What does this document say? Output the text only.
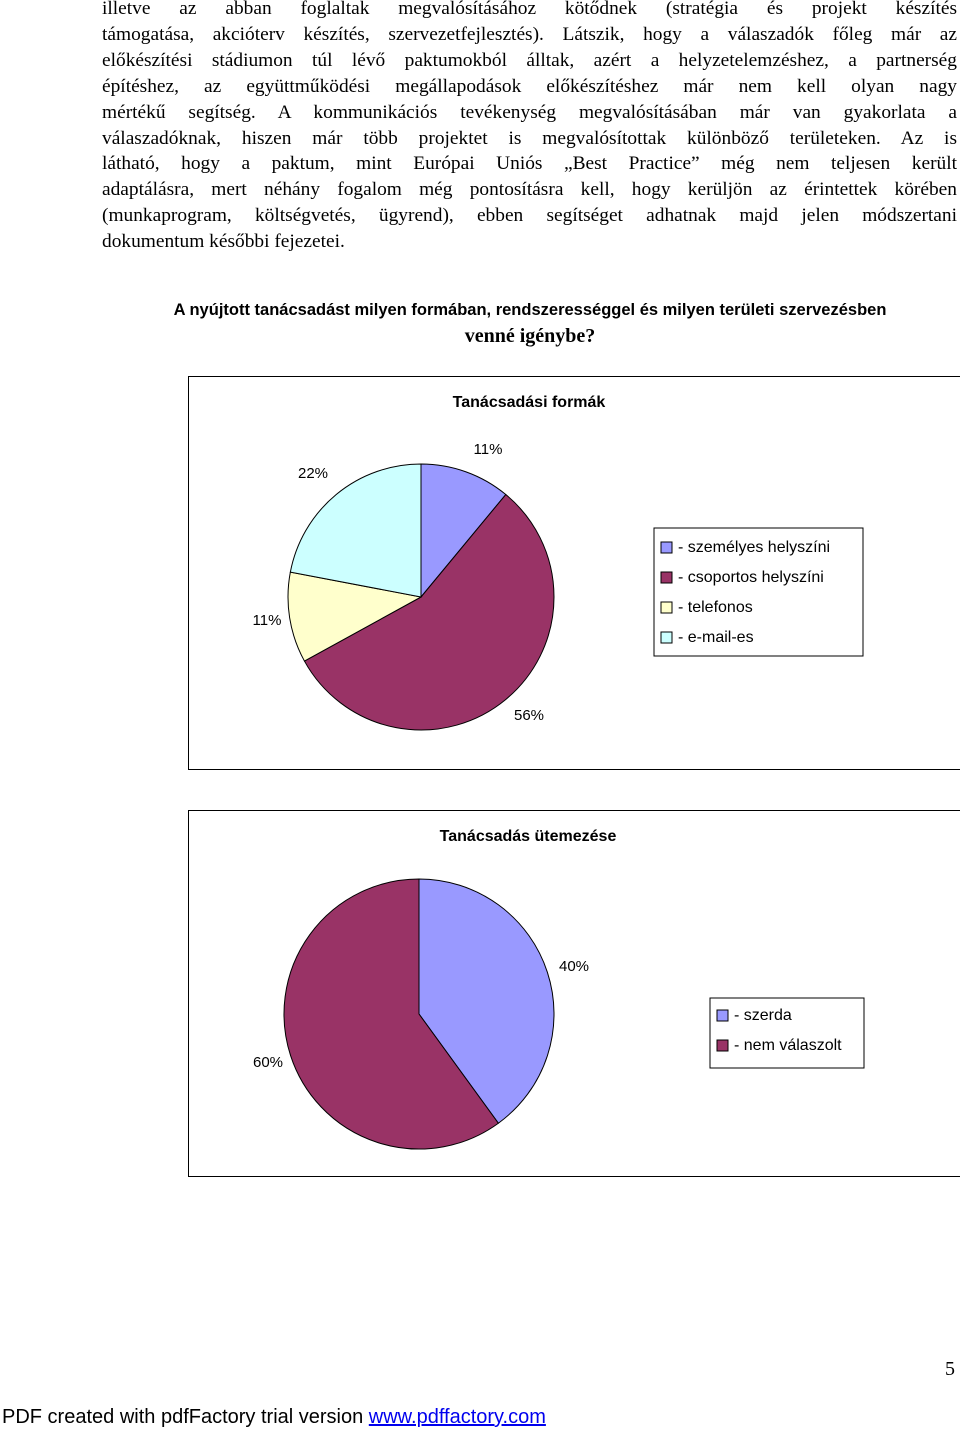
illetve az abban foglaltak megvalósításához kötődnek (stratégia és projekt készítés
támogatása, akcióterv készítés, szervezetfejlesztés). Látszik, hogy a válaszadók főleg már az
előkészítési stádiumon túl lévő paktumokból álltak, azért a helyzetelemzéshez, a partnerség
építéshez, az együttműködési megállapodások előkészítéshez már nem kell olyan nagy
mértékű segítség. A kommunikációs tevékenység megvalósításában már van gyakorlata a
válaszadóknak, hiszen már több projektet is megvalósítottak különböző területeken. Az is
látható, hogy a paktum, mint Európai Uniós „Best Practice” még nem teljesen került
adaptálásra, mert néhány fogalom még pontosításra kell, hogy kerüljön az érintettek körében
(munkaprogram, költségvetés, ügyrend), ebben segítséget adhatnak majd jelen módszertani
dokumentum későbbi fejezetei.
A nyújtott tanácsadást milyen formában, rendszerességgel és milyen területi szervezésben
venné igénybe?
Tanácsadási formák
11%
56%
11%
22%
- személyes helyszíni
- csoportos helyszíni
- telefonos
- e-mail-es
Tanácsadás ütemezése
40%
60%
- szerda
- nem válaszolt
5
PDF created with pdfFactory trial version www.pdffactory.com
